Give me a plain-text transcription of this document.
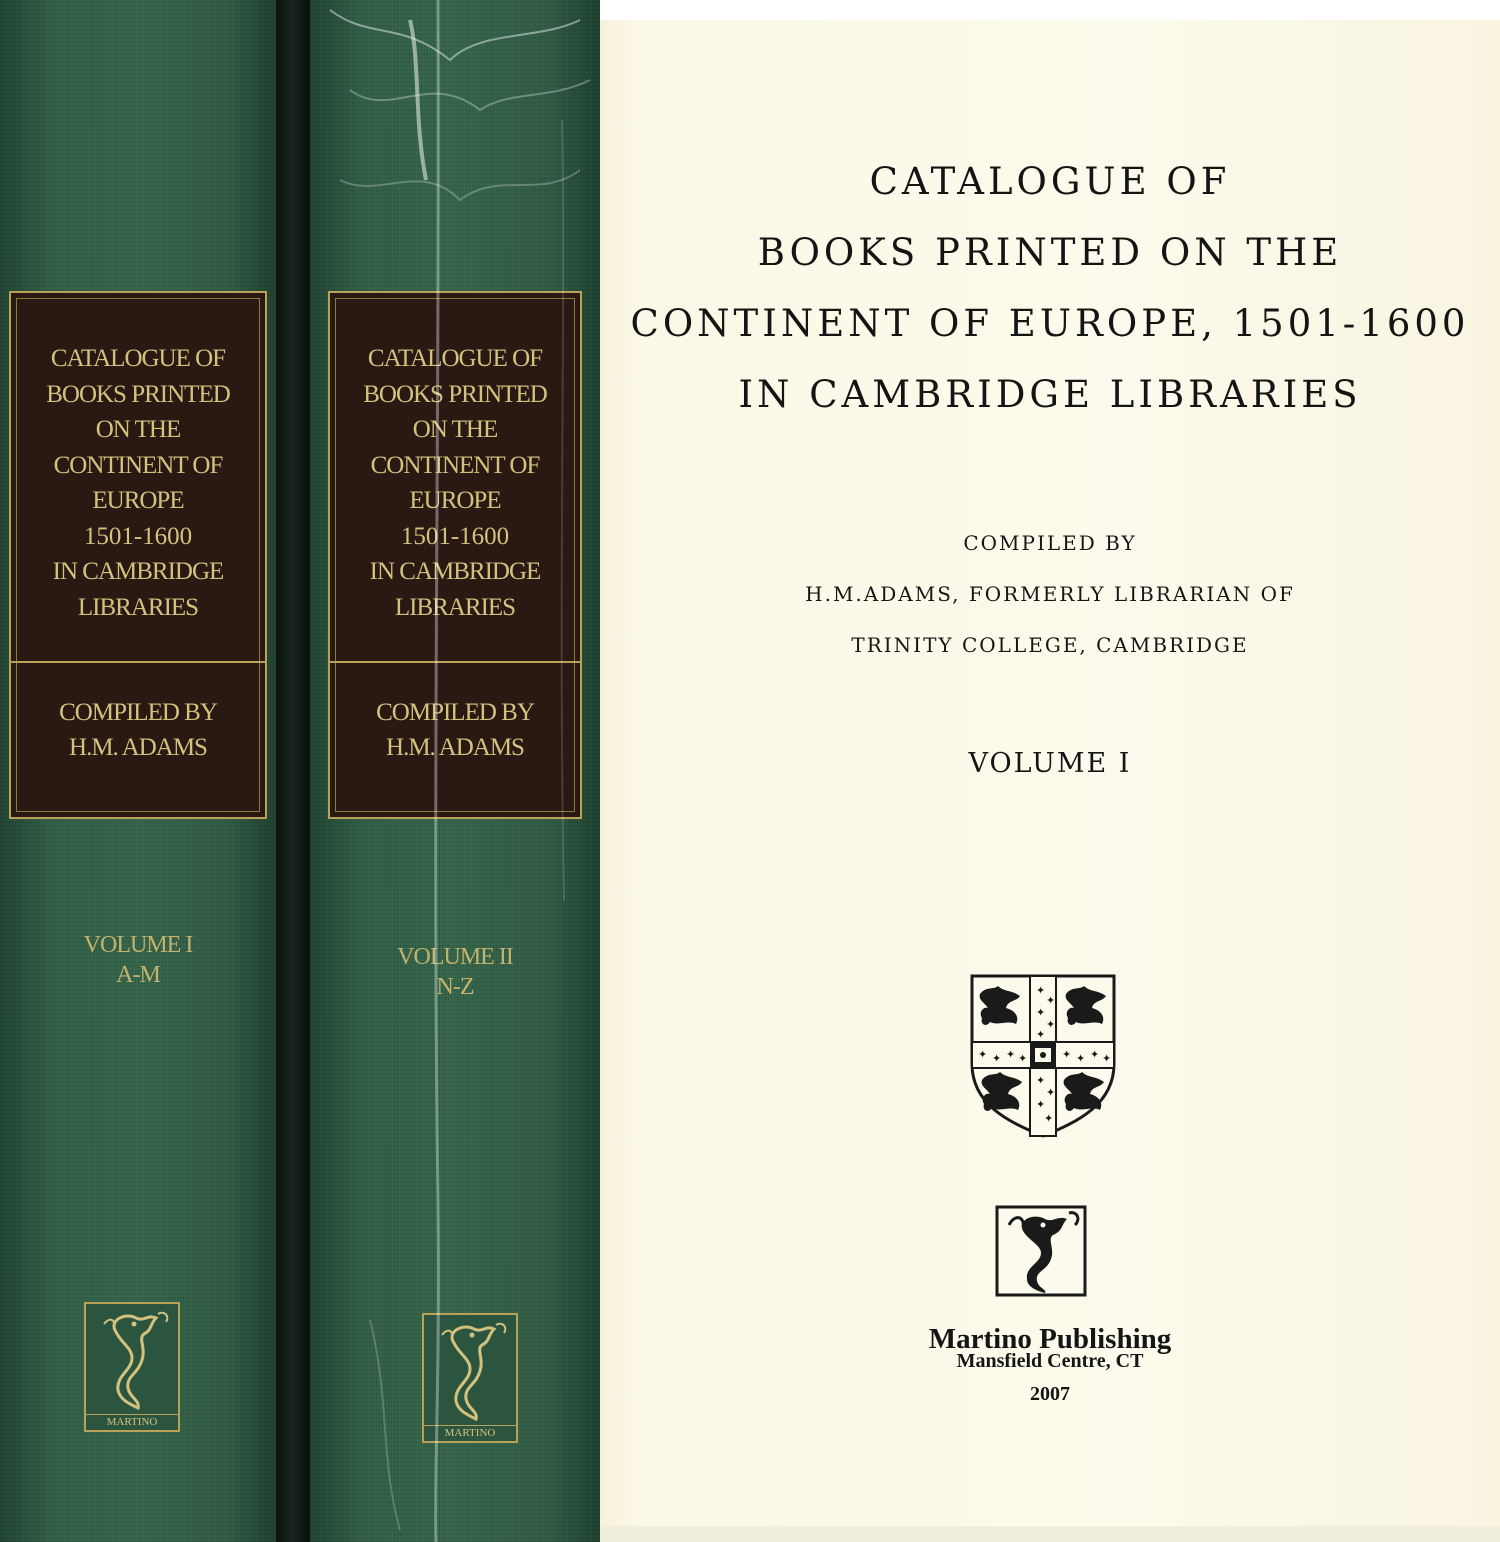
CATALOGUE OF
BOOKS PRINTED
ON THE
CONTINENT OF
EUROPE
1501-1600
IN CAMBRIDGE
LIBRARIES
COMPILED BY
H.M. ADAMS
VOLUME I
A-M
MARTINO
CATALOGUE OF
BOOKS PRINTED
ON THE
CONTINENT OF
EUROPE
1501-1600
IN CAMBRIDGE
LIBRARIES
COMPILED BY
H.M. ADAMS
VOLUME II
N-Z
MARTINO
CATALOGUE OF
BOOKS PRINTED ON THE
CONTINENT OF EUROPE, 1501-1600
IN CAMBRIDGE LIBRARIES
COMPILED BY
H.M.ADAMS, FORMERLY LIBRARIAN OF
TRINITY COLLEGE, CAMBRIDGE
VOLUME I
✦
✦
✦
✦
✦
✦ ✦ ✦ ✦	✦ ✦ ✦ ✦
✦
✦
✦
✦
Martino Publishing
Mansfield Centre, CT
2007
